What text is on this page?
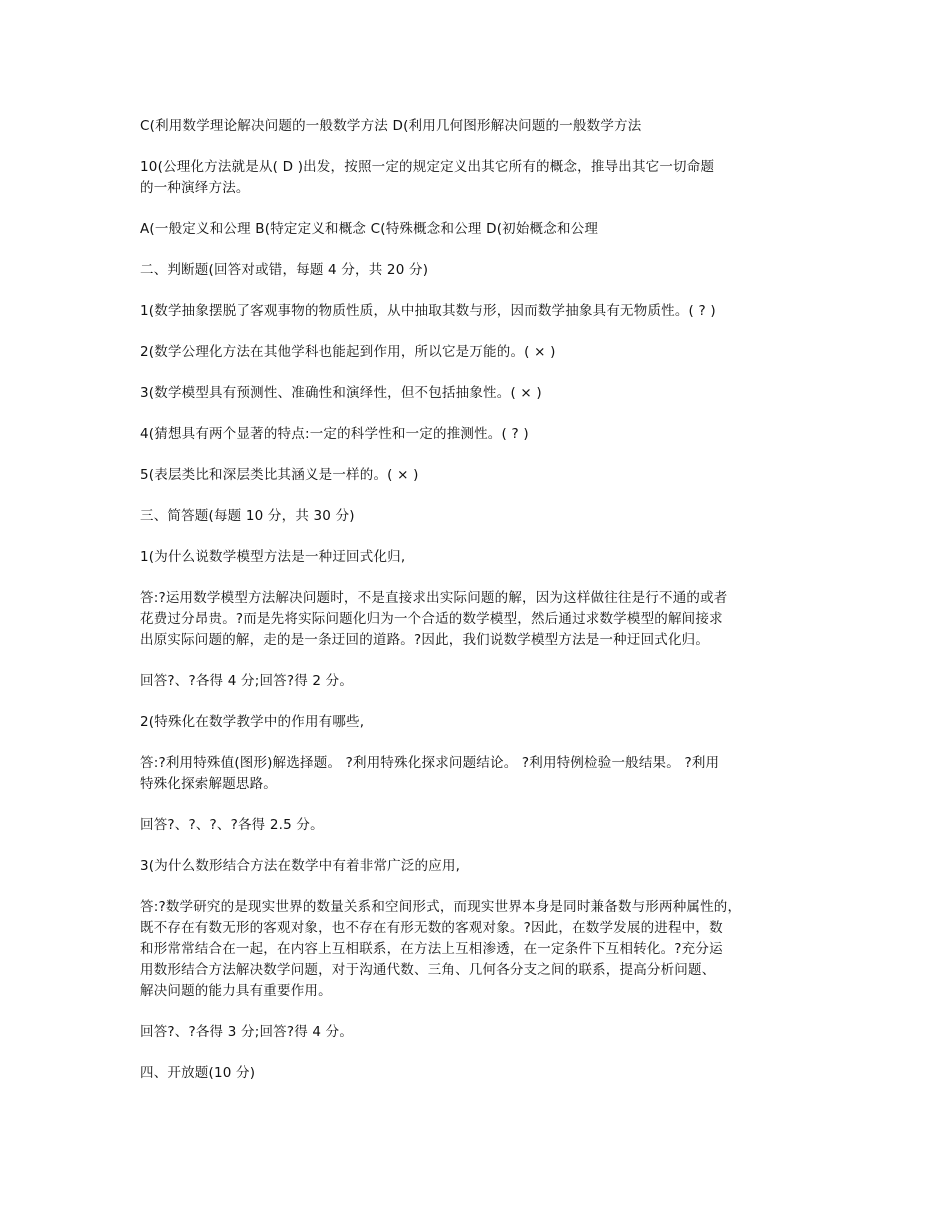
C(利用数学理论解决问题的一般数学方法 D(利用几何图形解决问题的一般数学方法
10(公理化方法就是从( D )出发，按照一定的规定定义出其它所有的概念，推导出其它一切命题
的一种演绎方法。
A(一般定义和公理 B(特定定义和概念 C(特殊概念和公理 D(初始概念和公理
二、判断题(回答对或错，每题 4 分，共 20 分)
1(数学抽象摆脱了客观事物的物质性质，从中抽取其数与形，因而数学抽象具有无物质性。( ? )
2(数学公理化方法在其他学科也能起到作用，所以它是万能的。( × )
3(数学模型具有预测性、准确性和演绎性，但不包括抽象性。( × )
4(猜想具有两个显著的特点:一定的科学性和一定的推测性。( ? )
5(表层类比和深层类比其涵义是一样的。( × )
三、简答题(每题 10 分，共 30 分)
1(为什么说数学模型方法是一种迂回式化归,
答:?运用数学模型方法解决问题时，不是直接求出实际问题的解，因为这样做往往是行不通的或者
花费过分昂贵。?而是先将实际问题化归为一个合适的数学模型，然后通过求数学模型的解间接求
出原实际问题的解，走的是一条迂回的道路。?因此，我们说数学模型方法是一种迂回式化归。
回答?、?各得 4 分;回答?得 2 分。
2(特殊化在数学教学中的作用有哪些,
答:?利用特殊值(图形)解选择题。 ?利用特殊化探求问题结论。 ?利用特例检验一般结果。 ?利用
特殊化探索解题思路。
回答?、?、?、?各得 2.5 分。
3(为什么数形结合方法在数学中有着非常广泛的应用,
答:?数学研究的是现实世界的数量关系和空间形式，而现实世界本身是同时兼备数与形两种属性的，
既不存在有数无形的客观对象，也不存在有形无数的客观对象。?因此，在数学发展的进程中，数
和形常常结合在一起，在内容上互相联系，在方法上互相渗透，在一定条件下互相转化。?充分运
用数形结合方法解决数学问题，对于沟通代数、三角、几何各分支之间的联系，提高分析问题、
解决问题的能力具有重要作用。
回答?、?各得 3 分;回答?得 4 分。
四、开放题(10 分)
